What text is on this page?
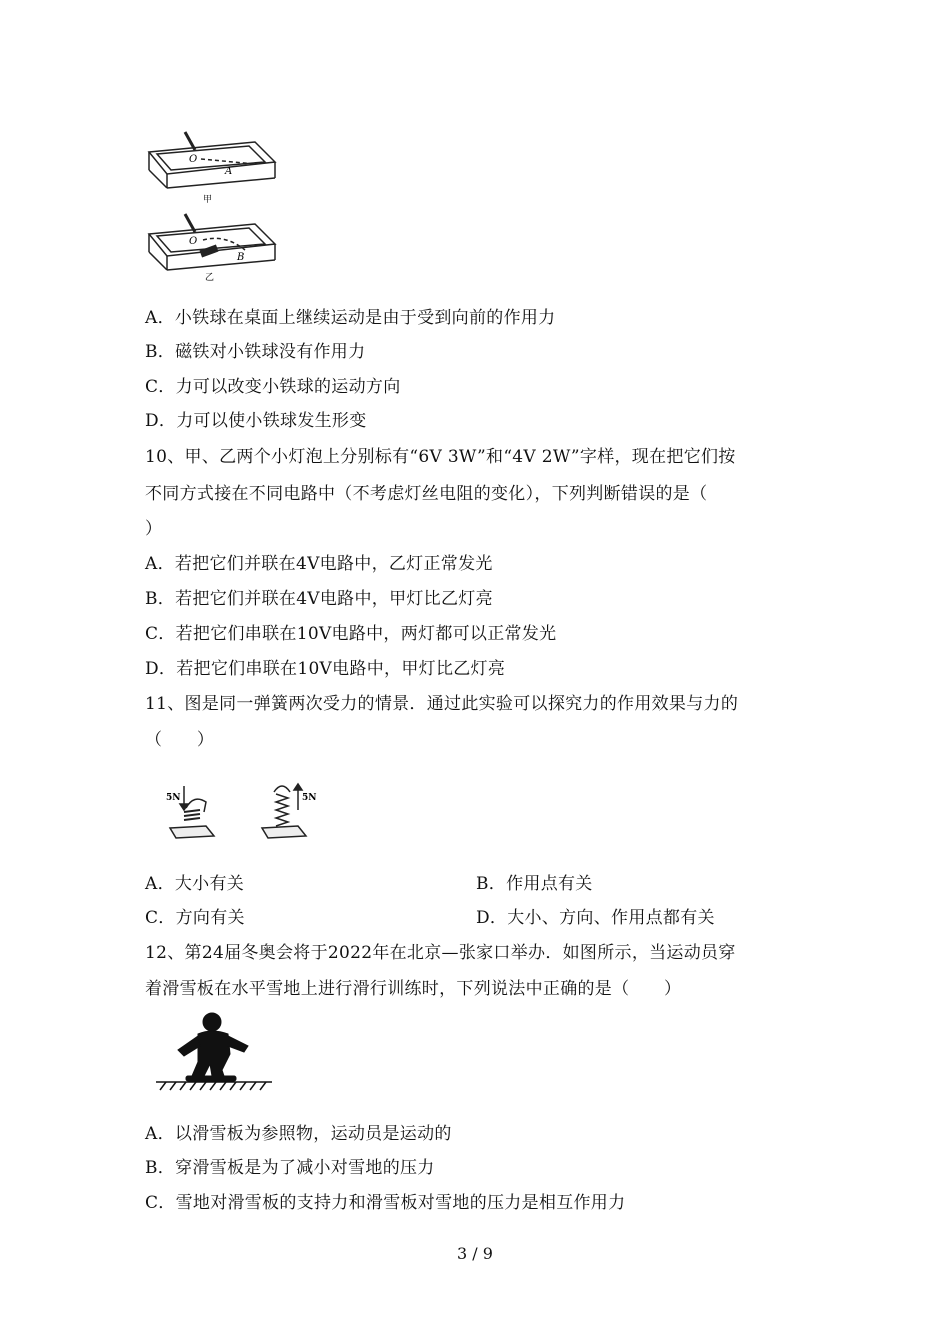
O
A
甲
O
B
乙
A．小铁球在桌面上继续运动是由于受到向前的作用力
B．磁铁对小铁球没有作用力
C．力可以改变小铁球的运动方向
D．力可以使小铁球发生形变
10、甲、乙两个小灯泡上分别标有“6V 3W”和“4V 2W”字样，现在把它们按
不同方式接在不同电路中（不考虑灯丝电阻的变化），下列判断错误的是（
）
A．若把它们并联在4V电路中，乙灯正常发光
B．若把它们并联在4V电路中，甲灯比乙灯亮
C．若把它们串联在10V电路中，两灯都可以正常发光
D．若把它们串联在10V电路中，甲灯比乙灯亮
11、图是同一弹簧两次受力的情景．通过此实验可以探究力的作用效果与力的
（　　）
5N	5N
A．大小有关	B．作用点有关
C．方向有关	D．大小、方向、作用点都有关
12、第24届冬奥会将于2022年在北京—张家口举办．如图所示，当运动员穿
着滑雪板在水平雪地上进行滑行训练时，下列说法中正确的是（　　）
A．以滑雪板为参照物，运动员是运动的
B．穿滑雪板是为了减小对雪地的压力
C．雪地对滑雪板的支持力和滑雪板对雪地的压力是相互作用力
3 / 9
